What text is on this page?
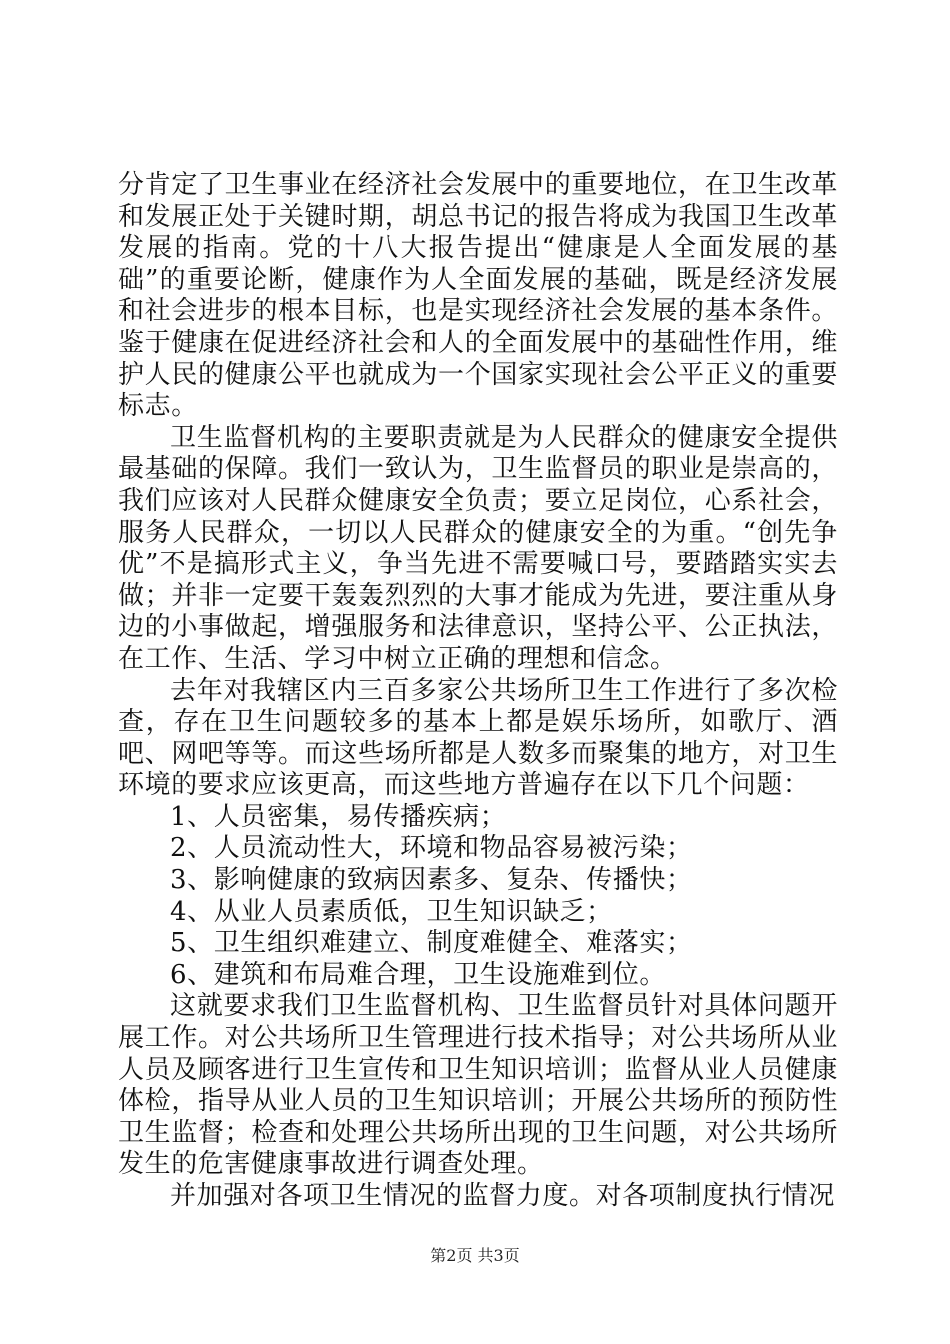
分肯定了卫生事业在经济社会发展中的重要地位，在卫生改革和发展正处于关键时期，胡总书记的报告将成为我国卫生改革发展的指南。党的十八大报告提出“健康是人全面发展的基础”的重要论断，健康作为人全面发展的基础，既是经济发展和社会进步的根本目标，也是实现经济社会发展的基本条件。鉴于健康在促进经济社会和人的全面发展中的基础性作用，维护人民的健康公平也就成为一个国家实现社会公平正义的重要标志。

卫生监督机构的主要职责就是为人民群众的健康安全提供最基础的保障。我们一致认为，卫生监督员的职业是崇高的，我们应该对人民群众健康安全负责；要立足岗位，心系社会，服务人民群众，一切以人民群众的健康安全的为重。“创先争优”不是搞形式主义，争当先进不需要喊口号，要踏踏实实去做；并非一定要干轰轰烈烈的大事才能成为先进，要注重从身边的小事做起，增强服务和法律意识，坚持公平、公正执法，在工作、生活、学习中树立正确的理想和信念。

去年对我辖区内三百多家公共场所卫生工作进行了多次检查，存在卫生问题较多的基本上都是娱乐场所，如歌厅、酒吧、网吧等等。而这些场所都是人数多而聚集的地方，对卫生环境的要求应该更高，而这些地方普遍存在以下几个问题：

1、人员密集，易传播疾病；

2、人员流动性大，环境和物品容易被污染；

3、影响健康的致病因素多、复杂、传播快；

4、从业人员素质低，卫生知识缺乏；

5、卫生组织难建立、制度难健全、难落实；

6、建筑和布局难合理，卫生设施难到位。

这就要求我们卫生监督机构、卫生监督员针对具体问题开展工作。对公共场所卫生管理进行技术指导；对公共场所从业人员及顾客进行卫生宣传和卫生知识培训；监督从业人员健康体检，指导从业人员的卫生知识培训；开展公共场所的预防性卫生监督；检查和处理公共场所出现的卫生问题，对公共场所发生的危害健康事故进行调查处理。

并加强对各项卫生情况的监督力度。对各项制度执行情况

第2页 共3页
